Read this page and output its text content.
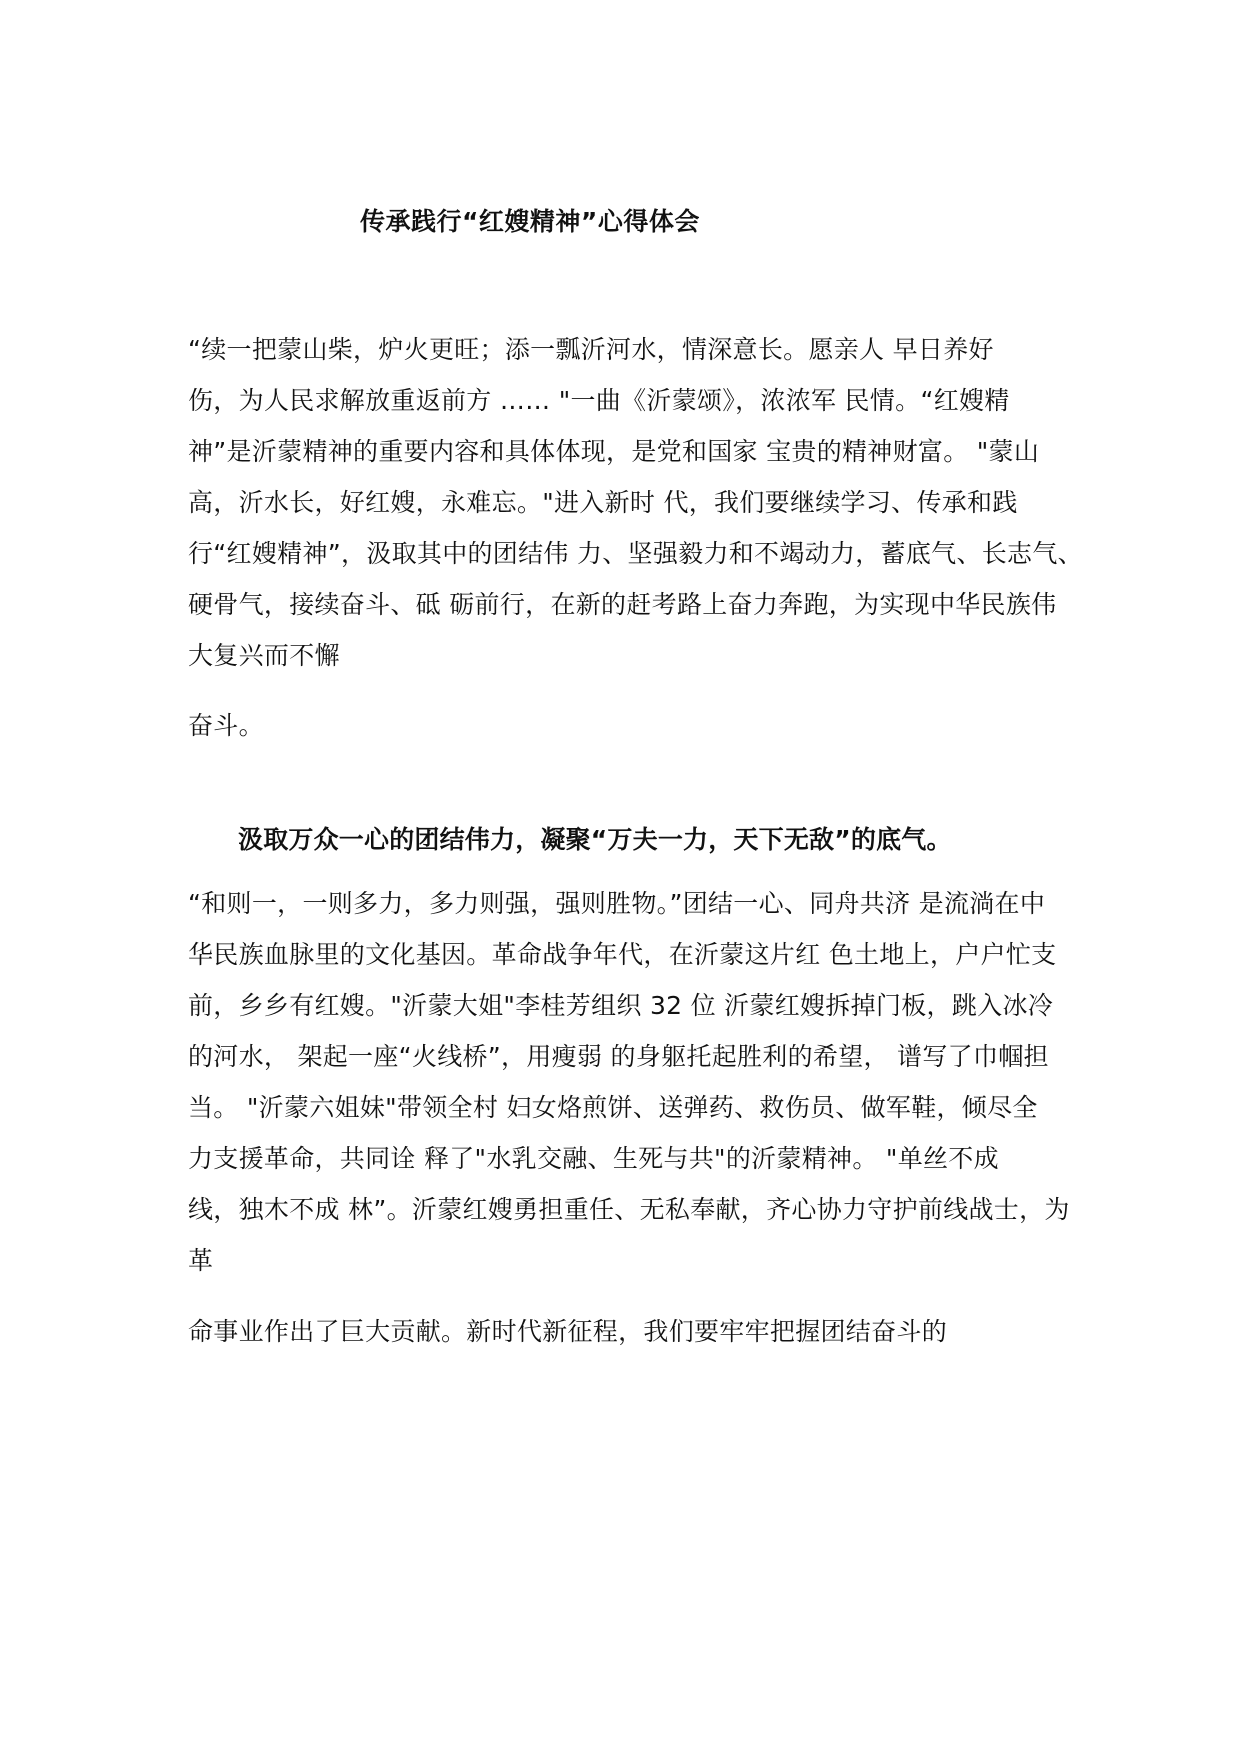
传承践行“红嫂精神”心得体会
“续一把蒙山柴，炉火更旺；添一瓢沂河水，情深意长。愿亲人 早日养好
伤，为人民求解放重返前方 …… "一曲《沂蒙颂》，浓浓军 民情。“红嫂精
神”是沂蒙精神的重要内容和具体体现，是党和国家 宝贵的精神财富。 "蒙山
高，沂水长，好红嫂，永难忘。"进入新时 代，我们要继续学习、传承和践
行“红嫂精神”，汲取其中的团结伟 力、坚强毅力和不竭动力，蓄底气、长志气、
硬骨气，接续奋斗、砥 砺前行，在新的赶考路上奋力奔跑，为实现中华民族伟
大复兴而不懈
奋斗。
汲取万众一心的团结伟力，凝聚“万夫一力，天下无敌”的底气。
“和则一，一则多力，多力则强，强则胜物。”团结一心、同舟共济 是流淌在中
华民族血脉里的文化基因。革命战争年代，在沂蒙这片红 色土地上，户户忙支
前，乡乡有红嫂。"沂蒙大姐"李桂芳组织 32 位 沂蒙红嫂拆掉门板，跳入冰冷
的河水， 架起一座“火线桥”，用瘦弱 的身躯托起胜利的希望， 谱写了巾帼担
当。 "沂蒙六姐妹"带领全村 妇女烙煎饼、送弹药、救伤员、做军鞋，倾尽全
力支援革命，共同诠 释了"水乳交融、生死与共"的沂蒙精神。 "单丝不成
线，独木不成 林”。沂蒙红嫂勇担重任、无私奉献，齐心协力守护前线战士，为
革
命事业作出了巨大贡献。新时代新征程，我们要牢牢把握团结奋斗的
